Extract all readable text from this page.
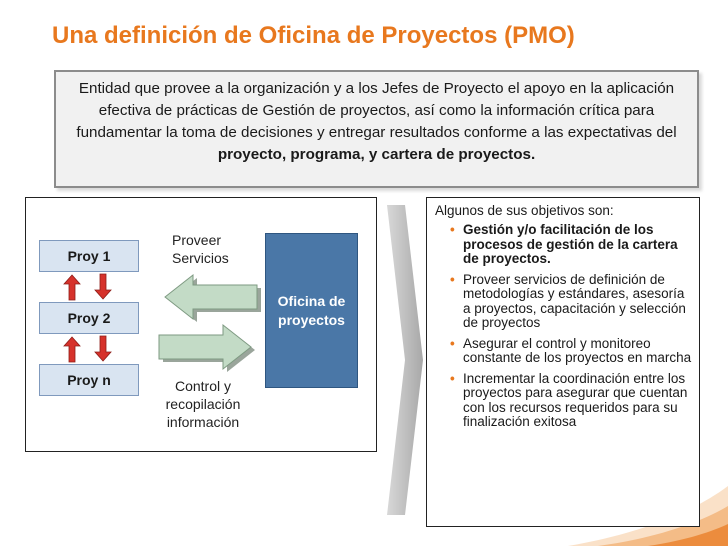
Una definición de Oficina de Proyectos (PMO)
Entidad que provee a la organización y a los Jefes de Proyecto el apoyo en la aplicación efectiva de prácticas de Gestión de proyectos, así como la información crítica para fundamentar la toma de decisiones y entregar resultados conforme a las expectativas del proyecto, programa, y cartera de proyectos.
Proy 1
Proy 2
Proy n
Proveer Servicios
Control y recopilación información
Oficina de proyectos
Algunos de sus objetivos son:
• Gestión y/o facilitación de los procesos de gestión de la cartera de proyectos.
• Proveer servicios de definición de metodologías y estándares, asesoría a proyectos, capacitación y selección de proyectos
• Asegurar el control y monitoreo constante de los proyectos en marcha
• Incrementar la coordinación entre los proyectos para asegurar que cuentan con los recursos requeridos para su finalización exitosa
